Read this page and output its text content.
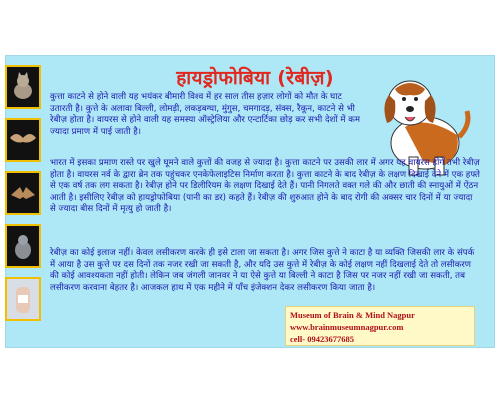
हायड्रोफोबिया (रेबीज़)

कुत्ता काटने से होने वाली यह भयंकर बीमारी विश्व में हर साल तीस हज़ार लोगों को मौत के घाट उतारती है। कुत्ते के अलावा बिल्ली, लोमड़ी, लकड़बग्घा, मुंगुस, चमगादड़, संक्स, रैकून, काटने से भी रेबीज़ होता है। वायरस से होने वाली यह समस्या ऑस्ट्रेलिया और एन्टार्टिका छोड़ कर सभी देशों में कम ज्यादा प्रमाण में पाई जाती है।

भारत में इसका प्रमाण रास्ते पर खुले घूमने वाले कुत्तों की वजह से ज्यादा है। कुत्ता काटने पर उसकी लार में अगर यह वायरस होंगे तभी रेबीज़ होता है। वायरस नर्व के द्वारा ब्रेन तक पहुंचकर एनकेफेलाइटिस निर्माण करता है। कुत्ता काटने के बाद रेबीज़ के लक्षण दिखाई देने में एक हफ्ते से एक वर्ष तक लग सकता है। रेबीज़ होने पर डिलीरियम के लक्षण दिखाई देते हैं। पानी निगलते वक्त गले की और छाती की स्नायुओं में ऐंठन आती है। इसीलिए रेबीज़ को हायड्रोफोबिया (पानी का डर) कहते हैं। रेबीज़ की शुरुआत होने के बाद रोगी की अक्सर चार दिनों में या ज्यादा से ज्यादा बीस दिनों में मृत्यु हो जाती है।

रेबीज़ का कोई इलाज नहीं। केवल लसीकरण करके ही इसे टाला जा सकता है। अगर जिस कुत्ते ने काटा है या व्यक्ति जिसकी लार के संपर्क में आया है उस कुत्ते पर दस दिनों तक नजर रखी जा सकती है, और यदि उस कुत्ते में रेबीज़ के कोई लक्षण नहीं दिखलाई देते तो लसीकरण की कोई आवश्यकता नहीं होती। लेकिन जब जंगली जानवर ने या ऐसे कुत्ते या बिल्ली ने काटा है जिस पर नजर नहीं रखी जा सकती, तब लसीकरण करवाना बेहतर है। आजकल हाथ में एक महीने में पाँच इंजेक्शन देकर लसीकरण किया जाता है।

Museum of Brain & Mind Nagpur
www.brainmuseumnagpur.com
cell- 09423677685
